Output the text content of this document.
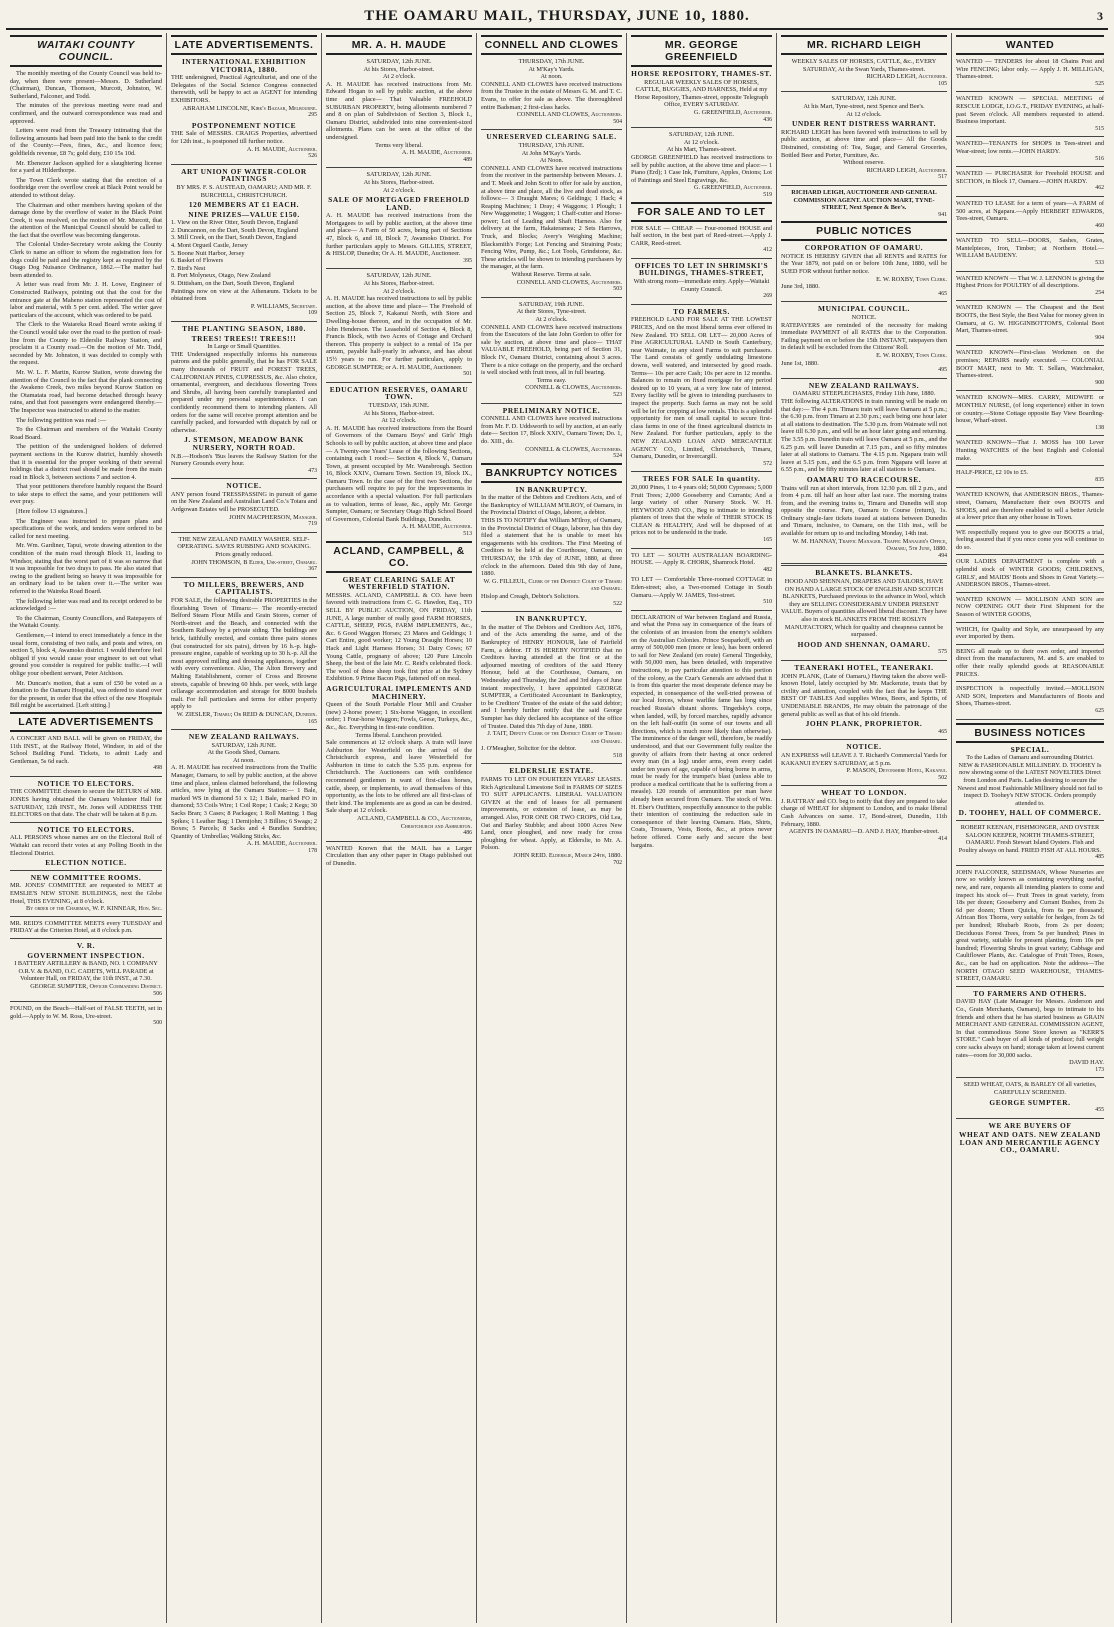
THE OAMARU MAIL, THURSDAY, JUNE 10, 1880.	3
WAITAKI COUNTY COUNCIL.

The monthly meeting of the County Council was held to-day, when there were present—Messrs. D. Sutherland (Chairman), Duncan, Thomson, Murcott, Johnston, W. Sutherland, Falconer, and Todd.

The minutes of the previous meeting were read and confirmed, and the outward correspondence was read and approved.

Letters were read from the Treasury intimating that the following amounts had been paid into the bank to the credit of the County:—Fees, fines, &c., and licence fees; goldfields revenue, £8 7s; gold duty, £10 15s 10d.

Mr. Ebenezer Jackson applied for a slaughtering license for a yard at Hilderthorpe.

The Town Clerk wrote stating that the erection of a footbridge over the overflow creek at Black Point would be attended to without delay.

The Chairman and other members having spoken of the damage done by the overflow of water in the Black Point Creek, it was resolved, on the motion of Mr. Murcott, that the attention of the Municipal Council should be called to the fact that the overflow was becoming dangerous.

The Colonial Under-Secretary wrote asking the County Clerk to name an officer to whom the registration fees for dogs could be paid and the registry kept as required by the Otago Dog Nuisance Ordinance, 1862.—The matter had been attended to.

A letter was read from Mr. J. H. Lowe, Engineer of Constructed Railways, pointing out that the cost for the entrance gate at the Maheno station represented the cost of labor and material, with 5 per cent. added. The writer gave particulars of the account, which was ordered to be paid.

The Clerk to the Waiareka Road Board wrote asking if the Council would take over the road to the portion of road-line from the County to Elderslie Railway Station, and proclaim it a County road.—On the motion of Mr. Todd, seconded by Mr. Johnston, it was decided to comply with the request.

Mr. W. L. F. Martin, Kurow Station, wrote drawing the attention of the Council to the fact that the plank connecting the Awakeno Creek, two miles beyond Kurow Station on the Otamatata road, had become detached through heavy rains, and that foot passengers were endangered thereby.—The Inspector was instructed to attend to the matter.

The following petition was read :—

To the Chairman and members of the Waitaki County Road Board.

The petition of the undersigned holders of deferred payment sections in the Kurow district, humbly showeth that it is essential for the proper working of their several holdings that a district road should be made from the main road in Block 3, between sections 7 and section 4.

That your petitioners therefore humbly request the Board to take steps to effect the same, and your petitioners will ever pray.

[Here follow 13 signatures.]

The Engineer was instructed to prepare plans and specifications of the work, and tenders were ordered to be called for next meeting.

Mr. Wm. Gardiner, Tapui, wrote drawing attention to the condition of the main road through Block 11, leading to Windsor, stating that the worst part of it was so narrow that it was impossible for two drays to pass. He also stated that owing to the gradient being so heavy it was impossible for an ordinary load to be taken over it.—The writer was referred to the Waireka Road Board.

The following letter was read and its receipt ordered to be acknowledged :—

To the Chairman, County Councillors, and Ratepayers of the Waitaki County.

Gentlemen,—I intend to erect immediately a fence in the usual form, consisting of two rails, and posts and wires, on section 5, block 4, Awamoko district. I would therefore feel obliged if you would cause your engineer to set out what ground you consider is required for public traffic.—I will oblige your obedient servant, Peter Atchison.

Mr. Duncan's motion, that a sum of £50 be voted as a donation to the Oamaru Hospital, was ordered to stand over for the present, in order that the effect of the new Hospitals Bill might be ascertained. [Left sitting.]

LATE ADVERTISEMENTS
A CONCERT AND BALL will be given on FRIDAY, the 11th INST., at the Railway Hotel, Windsor, in aid of the School Building Fund. Tickets, to admit Lady and Gentleman, 5s 6d each.
498
NOTICE TO ELECTORS.
THE COMMITTEE chosen to secure the RETURN of MR. JONES having obtained the Oamaru Volunteer Hall for SATURDAY, 12th INST., Mr. Jones will ADDRESS THE ELECTORS on that date. The chair will be taken at 8 p.m.
NOTICE TO ELECTORS.
ALL PERSONS whose names are on the Electoral Roll of Waitaki can record their votes at any Polling Booth in the Electoral District.
ELECTION NOTICE.
NEW COMMITTEE ROOMS.
MR. JONES' COMMITTEE are requested to MEET at EMSLIE'S NEW STONE BUILDINGS, next the Globe Hotel, THIS EVENING, at 8 o'clock.
By order of the Chairman, W. F. KINNEAR, Hon. Sec.
MR. REID'S COMMITTEE MEETS every TUESDAY and FRIDAY at the Criterion Hotel, at 8 o'clock p.m.
V. R.
GOVERNMENT INSPECTION.
I BATTERY ARTILLERY & BAND, NO. 1 COMPANY O.R.V. & BAND, O.C. CADETS, WILL PARADE at Volunteer Hall, on FRIDAY, the 11th INST., at 7.30.
GEORGE SUMPTER, Officer Commanding District.
506
FOUND, on the Beach—Half-set of FALSE TEETH, set in gold.—Apply to W. M. Ross, Ure-street.
500
LATE ADVERTISEMENTS.
INTERNATIONAL EXHIBITION VICTORIA, 1880.
THE undersigned, Practical Agriculturist, and one of the Delegates of the Social Science Congress connected therewith, will be happy to act as AGENT for intending EXHIBITORS.
ABRAHAM LINCOLNE, Kirk's Bazaar, Melbourne.
295
POSTPONEMENT NOTICE
THE Sale of MESSRS. CRAIGS Properties, advertised for 12th inst., is postponed till further notice.
A. H. MAUDE, Auctioneer.
526
ART UNION OF WATER-COLOR PAINTINGS
BY MRS. F. S. AUSTEAD, OAMARU; AND MR. F. BURCHELL, CHRISTCHURCH.
120 MEMBERS AT £1 EACH.
NINE PRIZES—VALUE £150.
1. View on the River Otter, South Devon, England
2. Duncannon, on the Dart, South Devon, England
3. Mill Creek, on the Dart, South Devon, England
4. Mont Orgueil Castle, Jersey
5. Boone Nuit Harbor, Jersey
6. Basket of Flowers
7. Bird's Nest
8. Port Molyneux, Otago, New Zealand
9. Dittisham, on the Dart, South Devon, England
Paintings now on view at the Athenæum. Tickets to be obtained from
P. WILLIAMS, Secretary.
109
THE PLANTING SEASON, 1880.
TREES! TREES!! TREES!!!
In Large or Small Quantities.
THE Undersigned respectfully informs his numerous patrons and the public generally, that he has FOR SALE many thousands of FRUIT and FOREST TREES, CALIFORNIAN PINES, CUPRESSUS, &c. Also choice, ornamental, evergreen, and deciduous flowering Trees and Shrubs, all having been carefully transplanted and prepared under my personal superintendence. I can confidently recommend them to intending planters. All orders for the same will receive prompt attention and be carefully packed, and forwarded with dispatch by rail or otherwise.
J. STEMSON, MEADOW BANK NURSERY, NORTH ROAD.
N.B.—Hodson's 'Bus leaves the Railway Station for the Nursery Grounds every hour.
473
NOTICE.
ANY person found TRESSPASSING in pursuit of game on the New Zealand and Australian Land Co.'s Totara and Ardgowan Estates will be PROSECUTED.
JOHN MACPHERSON, Manager.
719
THE NEW ZEALAND FAMILY WASHER. SELF-OPERATING. SAVES RUBBING AND SOAKING. Prices greatly reduced.
JOHN THOMSON, B Elder, Usk-street, Oamaru.
367
TO MILLERS, BREWERS, AND CAPITALISTS.
FOR SALE, the following desirable PROPERTIES in the flourishing Town of Timaru:— The recently-erected Belford Steam Flour Mills and Grain Stores, corner of North-street and the Beach, and connected with the Southern Railway by a private siding. The buildings are brick, faithfully erected, and contain three pairs stones (but constructed for six pairs), driven by 16 h.-p. high-pressure engine, capable of working up to 30 h.-p. All the most approved milling and dressing appliances, together with every convenience. Also, The Alton Brewery and Malting Establishment, corner of Cross and Browne streets, capable of brewing 60 hhds. per week, with large cellarage accommodation and storage for 8000 bushels malt. For full particulars and terms for either property apply to
W. ZIESLER, Timaru; Or REID & DUNCAN, Dunedin.
165
NEW ZEALAND RAILWAYS.
SATURDAY, 12th JUNE.
At the Goods Shed, Oamaru.
At noon.
A. H. MAUDE has received instructions from the Traffic Manager, Oamaru, to sell by public auction, at the above time and place, unless claimed beforehand, the following articles, now lying at the Oamaru Station:— 1 Bale, marked WS in diamond 51 x 12; 1 Bale, marked FO in diamond; 53 Coils Wire; 1 Coil Rope; 1 Cask; 2 Kegs; 30 Sacks Bran; 3 Cases; 8 Packages; 1 Roll Matting; 1 Bag Spikes; 1 Leather Bag; 1 Demijohn; 3 Billies; 6 Swags; 2 Boxes; 5 Parcels; 8 Sacks and 4 Bundles Sundries; Quantity of Umbrellas; Walking Sticks, &c.
A. H. MAUDE, Auctioneer.
178
MR. A. H. MAUDE
SATURDAY, 12th JUNE.
At his Stores, Harbor-street.
At 2 o'clock.
A. H. MAUDE has received instructions from Mr. Edward Hogan to sell by public auction, at the above time and place— That Valuable FREEHOLD SUBURBAN PROPERTY, being allotments numbered 7 and 8 on plan of Subdivision of Section 3, Block I., Oamaru District, subdivided into nine convenient-sized allotments. Plans can be seen at the office of the undersigned.
Terms very liberal.
A. H. MAUDE, Auctioneer.
489
SATURDAY, 12th JUNE.
At his Stores, Harbor-street.
At 2 o'clock.
SALE OF MORTGAGED FREEHOLD LAND.
A. H. MAUDE has received instructions from the Mortgagees to sell by public auction, at the above time and place— A Farm of 50 acres, being part of Sections 47, Block 6, and 18, Block 7, Awamoko District. For further particulars apply to Messrs. GILLIES, STREET, & HISLOP, Dunedin; Or A. H. MAUDE, Auctioneer.
395
SATURDAY, 12th JUNE.
At his Stores, Harbor-street.
At 2 o'clock.
A. H. MAUDE has received instructions to sell by public auction, at the above time and place— The Freehold of Section 25, Block 7, Kakanui North, with Store and Dwelling-house thereon, and in the occupation of Mr. John Henderson. The Leasehold of Section 4, Block 8, Francis Block, with two Acres of Cottage and Orchard thereon. This property is subject to a rental of 15s per annum, payable half-yearly in advance, and has about 15½ years to run. For further particulars, apply to GEORGE SUMPTER; or A. H. MAUDE, Auctioneer.
501
EDUCATION RESERVES, OAMARU TOWN.
TUESDAY, 15th JUNE.
At his Stores, Harbor-street.
At 12 o'clock.
A. H. MAUDE has received instructions from the Board of Governors of the Oamaru Boys' and Girls' High Schools to sell by public auction, at above time and place— A Twenty-one Years' Lease of the following Sections, containing each 1 rood:— Section 4, Block V., Oamaru Town, at present occupied by Mr. Wansbrough. Section 16, Block XXIV., Oamaru Town. Section 19, Block IX., Oamaru Town. In the case of the first two Sections, the purchasers will require to pay for the improvements in accordance with a special valuation. For full particulars as to valuation, terms of lease, &c., apply Mr. George Sumpter, Oamaru; or Secretary Otago High School Board of Governors, Colonial Bank Buildings, Dunedin.
A. H. MAUDE, Auctioneer.
513
ACLAND, CAMPBELL, & CO.
GREAT CLEARING SALE AT WESTERFIELD STATION.
MESSRS. ACLAND, CAMPBELL & CO. have been favored with instructions from C. G. Hawdon, Esq., TO SELL BY PUBLIC AUCTION, ON FRIDAY, 11th JUNE, A large number of really good FARM HORSES, CATTLE, SHEEP, PIGS, FARM IMPLEMENTS, &c., &c. 6 Good Waggon Horses; 23 Mares and Geldings; 1 Cart Entire, good worker; 12 Young Draught Horses; 10 Hack and Light Harness Horses; 31 Dairy Cows; 67 Young Cattle, prognany of above; 120 Pure Lincoln Sheep, the best of the late Mr. C. Reid's celebrated flock. The wool of these sheep took first prize at the Sydney Exhibition. 9 Prime Bacon Pigs, fattened off on meal.
AGRICULTURAL IMPLEMENTS AND MACHINERY.
Queen of the South Portable Flour Mill and Crusher (new) 2-horse power; 1 Six-horse Waggon, in excellent order; 1 Four-horse Waggon; Fowls, Geese, Turkeys, &c., &c., &c. Everything in first-rate condition.
Terms liberal. Luncheon provided.
Sale commences at 12 o'clock sharp. A train will leave Ashburton for Westerfield on the arrival of the Christchurch express, and leave Westerfield for Ashburton in time to catch the 5.35 p.m. express for Christchurch. The Auctioneers can with confidence recommend gentlemen in want of first-class horses, cattle, sheep, or implements, to avail themselves of this opportunity, as the lots to be offered are all first-class of their kind. The implements are as good as can be desired. Sale sharp at 12 o'clock.
ACLAND, CAMPBELL & CO., Auctioneers, Christchurch and Ashburton.
486
WANTED Known that the MAIL has a Larger Circulation than any other paper in Otago published out of Dunedin.
CONNELL AND CLOWES
THURSDAY, 17th JUNE.
At M'Kay's Yards.
At noon.
CONNELL AND CLOWES have received instructions from the Trustee in the estate of Messrs G. M. and T. C. Evans, to offer for sale as above. The thoroughbred entire Badsman; 2 first-class hacks.
CONNELL AND CLOWES, Auctioneers.
504
UNRESERVED CLEARING SALE.
THURSDAY, 17th JUNE.
At John M'Kay's Yards.
At Noon.
CONNELL AND CLOWES have received instructions from the receiver in the partnership between Messrs. J. and T. Meek and John Scott to offer for sale by auction, at above time and place, all the live and dead stock, as follows:— 3 Draught Mares; 6 Geldings; 1 Hack; 4 Reaping Machines; 1 Dray; 4 Waggons; 1 Plough; 1 New Waggonette; 1 Waggon; 1 Chaff-cutter and Horse-power; Lot of Leading and Shaft Harness. Also for delivery at the farm, Hakateramea; 2 Sets Harrows, Truck, and Blocks; Avery's Weighing Machine; Blacksmith's Forge; Lot Fencing and Straining Posts; Fencing Wire, Pump, &c.; Lot Tools, Grindstone, &c. These articles will be shown to intending purchasers by the manager, at the farm.
Without Reserve. Terms at sale.
CONNELL AND CLOWES, Auctioneers.
503
SATURDAY, 19th JUNE.
At their Stores, Tyne-street.
At 2 o'clock.
CONNELL AND CLOWES have received instructions from the Executors of the late John Gordon to offer for sale by auction, at above time and place— THAT VALUABLE FREEHOLD, being part of Section 31, Block IV., Oamaru District, containing about 3 acres. There is a nice cottage on the property, and the orchard is well stocked with fruit trees, all in full bearing.
Terms easy.
CONNELL & CLOWES, Auctioneers.
523
PRELIMINARY NOTICE.
CONNELL AND CLOWES have received instructions from Mr. F. D. Uddsworth to sell by auction, at an early date— Section 17, Block XXIV., Oamaru Town; Do. 1, do. XIII., do.
CONNELL & CLOWES, Auctioneers.
524
BANKRUPTCY NOTICES
IN BANKRUPTCY.
In the matter of the Debtors and Creditors Acts, and of the Bankruptcy of WILLIAM M'ILROY, of Oamaru, in the Provincial District of Otago, laborer, a debtor.
THIS IS TO NOTIFY that William M'Ilroy, of Oamaru, in the Provincial District of Otago, laborer, has this day filed a statement that he is unable to meet his engagements with his creditors. The First Meeting of Creditors to be held at the Courthouse, Oamaru, on THURSDAY, the 17th day of JUNE, 1880, at three o'clock in the afternoon. Dated this 9th day of June, 1880.
W. G. FILLEUL, Clerk of the District Court of Timaru and Oamaru.
Hislop and Creagh, Debtor's Solicitors.
522
IN BANKRUPTCY.
In the matter of The Debtors and Creditors Act, 1876, and of the Acts amending the same, and of the Bankruptcy of HENRY HONOUR, late of Fairfield Farm, a debtor. IT IS HEREBY NOTIFIED that no Creditors having attended at the first or at the adjourned meeting of creditors of the said Henry Honour, held at the Courthouse, Oamaru, on Wednesday and Thursday, the 2nd and 3rd days of June instant respectively, I have appointed GEORGE SUMPTER, a Certificated Accountant in Bankruptcy, to be Creditors' Trustee of the estate of the said debtor; and I hereby further notify that the said George Sumpter has duly declared his acceptance of the office of Trustee. Dated this 7th day of June, 1880.
J. TAIT, Deputy Clerk of the District Court of Timaru and Oamaru.
J. O'Meagher, Solicitor for the debtor.
518
ELDERSLIE ESTATE.
FARMS TO LET ON FOURTEEN YEARS' LEASES. Rich Agricultural Limestone Soil in FARMS OF SIZES TO SUIT APPLICANTS. LIBERAL VALUATION GIVEN at the end of leases for all permanent improvements, or extension of lease, as may be arranged. Also, FOR ONE OR TWO CROPS, Old Lea, Oat and Barley Stubble; and about 1000 Acres New Land, once ploughed, and now ready for cross ploughing for wheat. Apply, at Elderslie, to Mr. A. Polson.
JOHN REID. Elderslie, March 24th, 1880.
702
MR. GEORGE GREENFIELD
HORSE REPOSITORY, THAMES-ST.
REGULAR WEEKLY SALES OF HORSES, CATTLE, BUGGIES, AND HARNESS, Held at my Horse Repository, Thames-street, opposite Telegraph Office, EVERY SATURDAY.
G. GREENFIELD, Auctioneer.
436
SATURDAY, 12th JUNE.
At 12 o'clock.
At his Mart, Thames-street.
GEORGE GREENFIELD has received instructions to sell by public auction, at the above time and place:— 1 Piano (Erd); 1 Case Ink, Furniture, Apples, Onions; Lot of Paintings and Steel Engravings, &c.
G. GREENFIELD, Auctioneer.
519
FOR SALE AND TO LET
FOR SALE — CHEAP. — Four-roomed HOUSE and half section, in the best part of Reed-street.—Apply J. CARR, Reed-street.
412
OFFICES TO LET IN SHRIMSKI'S BUILDINGS, THAMES-STREET,
With strong room—immediate entry. Apply—Waitaki County Council.
269
TO FARMERS.
FREEHOLD LAND FOR SALE AT THE LOWEST PRICES, And on the most liberal terms ever offered in New Zealand. TO SELL OR LET— 20,000 Acres of Fine AGRICULTURAL LAND in South Canterbury, near Waimate, in any sized Farms to suit purchasers. The Land consists of gently undulating limestone downs, well watered, and intersected by good roads. Terms— 10s per acre Cash; 10s per acre in 12 months. Balances to remain on fixed mortgage for any period desired up to 10 years, at a very low rate of interest. Every facility will be given to intending purchasers to inspect the property. Such farms as may not be sold will be let for cropping at low rentals. This is a splendid opportunity for men of small capital to secure first-class farms in one of the finest agricultural districts in New Zealand. For further particulars, apply to the NEW ZEALAND LOAN AND MERCANTILE AGENCY CO., Limited, Christchurch, Timaru, Oamaru, Dunedin, or Invercargill.
572
TREES FOR SALE In quantity.
20,000 Pines, 1 to 4 years old; 50,000 Cypresses; 5,000 Fruit Trees; 2,000 Gooseberry and Currants; And a large variety of other Nursery Stock. W. H. HEYWOOD AND CO., Beg to intimate to intending planters of trees that the whole of THEIR STOCK IS CLEAN & HEALTHY, And will be disposed of at prices not to be undersold in the trade.
165
TO LET — SOUTH AUSTRALIAN BOARDING-HOUSE. — Apply R. CHORK, Shamrock Hotel.
482
TO LET — Comfortable Three-roomed COTTAGE in Eden-street; also, a Two-roomed Cottage in South Oamaru.—Apply W. JAMES, Test-street.
510
DECLARATION of War between England and Russia, and what the Press say in consequence of the fears of the colonists of an invasion from the enemy's soldiers on the Australian Colonies. Prince Souparkoff, with an army of 500,000 men (more or less), has been ordered to sail for New Zealand (en route) General Tingedsky, with 50,000 men, has been detailed, with imperative instructions, to pay particular attention to this portion of the colony, as the Czar's Generals are advised that it is from this quarter the most desperate defence may be expected, in consequence of the well-tried prowess of our local forces, whose warlike fame has long since reached Russia's distant shores. Tingedsky's corps, when landed, will, by forced marches, rapidly advance on the left half-outfit (in some of our towns and all directions, which is much more likely than otherwise). The imminence of the danger will, therefore, be readily understood, and that our Government fully realize the gravity of affairs from their having at once ordered every man (in a log) under arms, even every cadet under ten years of age, capable of being borne in arms, must be ready for the trumpet's blast (unless able to produce a medical certificate that he is suffering from a measle). 120 rounds of ammunition per man have already been secured from Oamaru. The stock of Wm. H. Eber's Outfitters, respectfully announce to the public their intention of continuing the reduction sale in consequence of their leaving Oamaru. Hats, Shirts, Coats, Trousers, Vests, Boots, &c., at prices never before offered. Come early and secure the best bargains.
MR. RICHARD LEIGH
WEEKLY SALES OF HORSES, CATTLE, &c., EVERY SATURDAY, At the Swan Yards, Thames-street.
RICHARD LEIGH, Auctioneer.
105
SATURDAY, 12th JUNE.
At his Mart, Tyne-street, next Spence and Bee's.
At 12 o'clock.
UNDER RENT DISTRESS WARRANT.
RICHARD LEIGH has been favored with instructions to sell by public auction, at above time and place— All the Goods Distrained, consisting of: Tea, Sugar, and General Groceries, Bottled Beer and Porter, Furniture, &c.
Without reserve.
RICHARD LEIGH, Auctioneer.
517
RICHARD LEIGH, AUCTIONEER AND GENERAL COMMISSION AGENT. AUCTION MART, TYNE-STREET, Next Spence & Bee's.
941
PUBLIC NOTICES
CORPORATION OF OAMARU.
NOTICE IS HEREBY GIVEN that all RENTS and RATES for the Year 1879, not paid on or before 10th June, 1880, will be SUED FOR without further notice.
E. W. ROXBY, Town Clerk.
June 3rd, 1880.
465
MUNICIPAL COUNCIL.
NOTICE.
RATEPAYERS are reminded of the necessity for making immediate PAYMENT of all RATES due to the Corporation. Failing payment on or before the 15th INSTANT, ratepayers then in default will be excluded from the Citizens' Roll.
E. W. ROXBY, Town Clerk.
June 1st, 1880.
495
NEW ZEALAND RAILWAYS.
OAMARU STEEPLECHASES, Friday 11th June, 1880.
THE following ALTERATIONS in train running will be made on that day:— The 4 p.m. Timaru train will leave Oamaru at 5 p.m.; the 6.30 p.m. from Timaru at 2.30 p.m.; each being one hour later at all stations to destination. The 5.30 p.m. from Waimate will not leave till 6.30 p.m., and will be an hour later going and returning. The 3.55 p.m. Dunedin train will leave Oamaru at 5 p.m., and the 6.25 p.m. will leave Dunedin at 7.15 p.m., and so fifty minutes later at all stations to Oamaru. The 4.15 p.m. Ngapara train will leave at 5.15 p.m., and the 6.5 p.m. from Ngapara will leave at 6.55 p.m., and be fifty minutes later at all stations to Oamaru.
OAMARU TO RACECOURSE.
Trains will run at short intervals, from 12.30 p.m. till 2 p.m., and from 4 p.m. till half an hour after last race. The morning trains from, and the evening trains to, Timaru and Dunedin will stop opposite the course. Fare, Oamaru to Course (return), 1s. Ordinary single-fare tickets issued at stations between Dunedin and Timaru, inclusive, to Oamaru, on the 11th inst., will be available for return up to and including Monday, 14th inst.
W. M. HANNAY, Traffic Manager. Traffic Manager's Office, Oamaru, 5th June, 1880.
494
BLANKETS. BLANKETS.
HOOD AND SHENNAN, DRAPERS AND TAILORS, HAVE ON HAND A LARGE STOCK OF ENGLISH AND SCOTCH BLANKETS, Purchased previous to the advance in Wool, which they are SELLING CONSIDERABLY UNDER PRESENT VALUE. Buyers of quantities allowed liberal discount. They have also in stock BLANKETS FROM THE ROSLYN MANUFACTORY, Which for quality and cheapness cannot be surpassed.
HOOD AND SHENNAN, OAMARU.
575
TEANERAKI HOTEL, TEANERAKI.
JOHN PLANK, (Late of Oamaru,) Having taken the above well-known Hotel, lately occupied by Mr. Mackenzie, trusts that by civility and attention, coupled with the fact that he keeps THE BEST OF TABLES And supplies Wines, Beers, and Spirits, of UNDENIABLE BRANDS, He may obtain the patronage of the general public as well as that of his old friends.
JOHN PLANK, PROPRIETOR.
465
NOTICE.
AN EXPRESS will LEAVE J. T. Richard's Commercial Yards for KAKANUI EVERY SATURDAY, at 5 p.m.
P. MASON, Devonshire Hotel, Kakanui.
502
WHEAT TO LONDON.
J. RATTRAY and CO. beg to notify that they are prepared to take charge of WHEAT for shipment to London, and to make liberal Cash Advances on same. 17, Bond-street, Dunedin, 11th February, 1880.
AGENTS IN OAMARU—D. AND J. HAY, Humber-street.
414
WANTED
WANTED — TENDERS for about 18 Chains Post and Wire FENCING; labor only. — Apply J. H. MILLIGAN, Thames-street.
525
WANTED KNOWN — SPECIAL MEETING of RESCUE LODGE, I.O.G.T., FRIDAY EVENING, at half-past Seven o'clock. All members requested to attend. Business important.
515
WANTED—TENANTS for SHOPS in Tees-street and Wear-street; low rents.—JOHN HARDY.
516
WANTED — PURCHASER for Freehold HOUSE and SECTION, in Block 17, Oamaru.—JOHN HARDY.
462
WANTED TO LEASE for a term of years—A FARM of 500 acres, at Ngapara.—Apply HERBERT EDWARDS, Tees-street, Oamaru.
460
WANTED TO SELL—DOORS, Sashes, Grates, Mantelpieces, Iron, Timber; at Northern Hotel.—WILLIAM BAUDENY.
533
WANTED KNOWN — That W. J. LENNON is giving the Highest Prices for POULTRY of all descriptions.
254
WANTED KNOWN — The Cheapest and the Best BOOTS, the Best Style, the Best Value for money given in Oamaru, at G. W. HIGGINBOTTOM'S, Colonial Boot Mart, Thames-street.
904
WANTED KNOWN—First-class Workmen on the premises; REPAIRS neatly executed. — COLONIAL BOOT MART, next to Mr. T. Sellars, Watchmaker, Thames-street.
900
WANTED KNOWN—MRS. CARRY, MIDWIFE or MONTHLY NURSE, (of long experience) either in town or country.—Stone Cottage opposite Bay View Boarding-house, Wharf-street.
138
WANTED KNOWN—That J. MOSS has 100 Lever Hunting WATCHES of the best English and Colonial make.
HALF-PRICE, £2 10s to £5.
835
WANTED KNOWN, that ANDERSON BROS., Thames-street, Oamaru, Manufacture their own BOOTS and SHOES, and are therefore enabled to sell a better Article at a lower price than any other house in Town.
WE respectfully request you to give our BOOTS a trial, feeling assured that if you once come you will continue to do so.
OUR LADIES DEPARTMENT is complete with a splendid stock of WINTER GOODS; CHILDREN'S, GIRLS', and MAIDS' Boots and Shoes in Great Variety.—ANDERSON BROS., Thames-street.
WANTED KNOWN — MOLLISON AND SON are NOW OPENING OUT their First Shipment for the Season of WINTER GOODS,
WHICH, for Quality and Style, are unsurpassed by any ever imported by them.
BEING all made up to their own order, and imported direct from the manufacturers, M. and S. are enabled to offer their really splendid goods at REASONABLE PRICES.
INSPECTION is respectfully invited.—MOLLISON AND SON, Importers and Manufacturers of Boots and Shoes, Thames-street.
625
BUSINESS NOTICES
SPECIAL.
To the Ladies of Oamaru and surrounding District.
NEW & FASHIONABLE MILLINERY. D. TOOHEY Is now showing some of the LATEST NOVELTIES Direct from London and Paris. Ladies desiring to secure the Newest and most Fashionable Millinery should not fail to inspect D. Toohey's NEW STOCK. Orders promptly attended to.
D. TOOHEY, HALL OF COMMERCE.
ROBERT KEENAN, FISHMONGER, AND OYSTER SALOON KEEPER, NORTH THAMES-STREET, OAMARU. Fresh Stewart Island Oysters. Fish and Poultry always on hand. FRIED FISH AT ALL HOURS.
485
JOHN FALCONER, SEEDSMAN, Whose Nurseries are now so widely known as containing everything useful, new, and rare, requests all intending planters to come and inspect his stock of— Fruit Trees in great variety, from 18s per dozen; Gooseberry and Currant Bushes, from 2s 6d per dozen; Thorn Quicks, from 6s per thousand; African Box Thorns, very suitable for hedges, from 2s 6d per hundred; Rhubarb Roots, from 2s per dozen; Deciduous Forest Trees, from 5s per hundred; Pines in great variety, suitable for present planting, from 10s per hundred; Flowering Shrubs in great variety; Cabbage and Cauliflower Plants, &c. Catalogue of Fruit Trees, Roses, &c., can be had on application. Note the address—The NORTH OTAGO SEED WAREHOUSE, THAMES-STREET, OAMARU.
TO FARMERS AND OTHERS.
DAVID HAY (Late Manager for Messrs. Anderson and Co., Grain Merchants, Oamaru), begs to intimate to his friends and others that he has started business as GRAIN MERCHANT AND GENERAL COMMISSION AGENT, In that commodious Stone Store known as "KERR'S STORE." Cash buyer of all kinds of produce; full weight core sacks always on hand; storage taken at lowest current rates—room for 30,000 sacks.
DAVID HAY.
173
SEED WHEAT, OATS, & BARLEY Of all varieties, CAREFULLY SCREENED.
GEORGE SUMPTER.
455
WE ARE BUYERS OF
WHEAT AND OATS. NEW ZEALAND LOAN AND MERCANTILE AGENCY CO., OAMARU.
